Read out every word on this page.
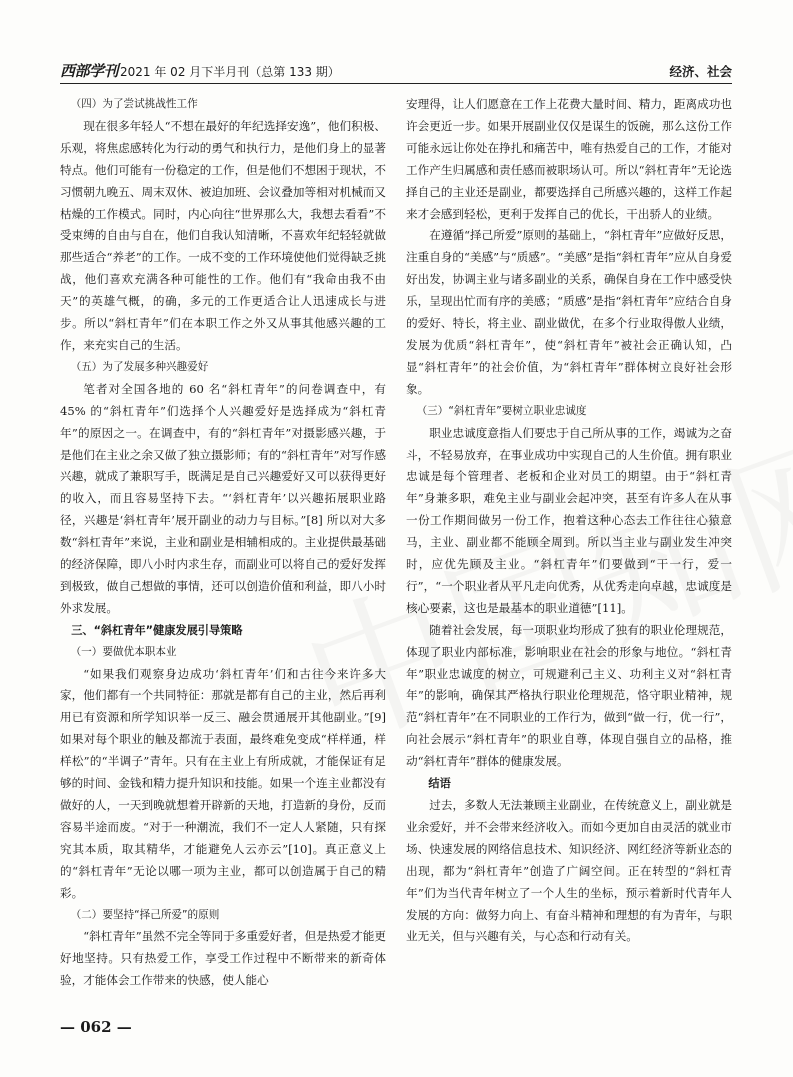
西部学刊 2021 年 02 月下半月刊（总第 133 期）	经济、社会

（四）为了尝试挑战性工作

现在很多年轻人“不想在最好的年纪选择安逸”，他们积极、乐观，将焦虑感转化为行动的勇气和执行力，是他们身上的显著特点。他们可能有一份稳定的工作，但是他们不想困于现状，不习惯朝九晚五、周末双休、被迫加班、会议叠加等相对机械而又枯燥的工作模式。同时，内心向往“世界那么大，我想去看看”不受束缚的自由与自在，他们自我认知清晰，不喜欢年纪轻轻就做那些适合“养老”的工作。一成不变的工作环境使他们觉得缺乏挑战，他们喜欢充满各种可能性的工作。他们有“我命由我不由天”的英雄气概，的确，多元的工作更适合让人迅速成长与进步。所以“斜杠青年”们在本职工作之外又从事其他感兴趣的工作，来充实自己的生活。

（五）为了发展多种兴趣爱好

笔者对全国各地的 60 名“斜杠青年”的问卷调查中，有 45% 的“斜杠青年”们选择个人兴趣爱好是选择成为“斜杠青年”的原因之一。在调查中，有的“斜杠青年”对摄影感兴趣，于是他们在主业之余又做了独立摄影师；有的“斜杠青年”对写作感兴趣，就成了兼职写手，既满足是自己兴趣爱好又可以获得更好的收入，而且容易坚持下去。“‘斜杠青年’以兴趣拓展职业路径，兴趣是‘斜杠青年’展开副业的动力与目标。”[8] 所以对大多数“斜杠青年”来说，主业和副业是相辅相成的。主业提供最基础的经济保障，即八小时内求生存，而副业可以将自己的爱好发挥到极致，做自己想做的事情，还可以创造价值和利益，即八小时外求发展。

三、“斜杠青年”健康发展引导策略

（一）要做优本职本业

“如果我们观察身边成功‘斜杠青年’们和古往今来许多大家，他们都有一个共同特征：那就是都有自己的主业，然后再利用已有资源和所学知识举一反三、融会贯通展开其他副业。”[9] 如果对每个职业的触及都流于表面，最终难免变成“样样通，样样松”的“半调子”青年。只有在主业上有所成就，才能保证有足够的时间、金钱和精力提升知识和技能。如果一个连主业都没有做好的人，一天到晚就想着开辟新的天地，打造新的身份，反而容易半途而废。“对于一种潮流，我们不一定人人紧随，只有探究其本质，取其精华，才能避免人云亦云”[10]。真正意义上的“斜杠青年”无论以哪一项为主业，都可以创造属于自己的精彩。

（二）要坚持“择己所爱”的原则

“斜杠青年”虽然不完全等同于多重爱好者，但是热爱才能更好地坚持。只有热爱工作，享受工作过程中不断带来的新奇体验，才能体会工作带来的快感，使人能心

安理得，让人们愿意在工作上花费大量时间、精力，距离成功也许会更近一步。如果开展副业仅仅是谋生的饭碗，那么这份工作可能永远让你处在挣扎和痛苦中，唯有热爱自己的工作，才能对工作产生归属感和责任感而被职场认可。所以“斜杠青年”无论选择自己的主业还是副业，都要选择自己所感兴趣的，这样工作起来才会感到轻松，更利于发挥自己的优长，干出骄人的业绩。

在遵循“择己所爱”原则的基础上，“斜杠青年”应做好反思，注重自身的“美感”与“质感”。“美感”是指“斜杠青年”应从自身爱好出发，协调主业与诸多副业的关系，确保自身在工作中感受快乐，呈现出忙而有序的美感；“质感”是指“斜杠青年”应结合自身的爱好、特长，将主业、副业做优，在多个行业取得傲人业绩，发展为优质“斜杠青年”，使“斜杠青年”被社会正确认知，凸显“斜杠青年”的社会价值，为“斜杠青年”群体树立良好社会形象。

（三）“斜杠青年”要树立职业忠诚度

职业忠诚度意指人们要忠于自己所从事的工作，竭诚为之奋斗，不轻易放弃，在事业成功中实现自己的人生价值。拥有职业忠诚是每个管理者、老板和企业对员工的期望。由于“斜杠青年”身兼多职，难免主业与副业会起冲突，甚至有许多人在从事一份工作期间做另一份工作，抱着这种心态去工作往往心猿意马，主业、副业都不能顾全周到。所以当主业与副业发生冲突时，应优先顾及主业。“斜杠青年”们要做到“干一行，爱一行”，“一个职业者从平凡走向优秀，从优秀走向卓越，忠诚度是核心要素，这也是最基本的职业道德”[11]。

随着社会发展，每一项职业均形成了独有的职业伦理规范，体现了职业内部标准，影响职业在社会的形象与地位。“斜杠青年”职业忠诚度的树立，可规避利己主义、功利主义对“斜杠青年”的影响，确保其严格执行职业伦理规范，恪守职业精神，规范“斜杠青年”在不同职业的工作行为，做到“做一行，优一行”，向社会展示“斜杠青年”的职业自尊，体现自强自立的品格，推动“斜杠青年”群体的健康发展。

结语

过去，多数人无法兼顾主业副业，在传统意义上，副业就是业余爱好，并不会带来经济收入。而如今更加自由灵活的就业市场、快速发展的网络信息技术、知识经济、网红经济等新业态的出现，都为“斜杠青年”创造了广阔空间。正在转型的“斜杠青年”们为当代青年树立了一个人生的坐标，预示着新时代青年人发展的方向：做努力向上、有奋斗精神和理想的有为青年，与职业无关，但与兴趣有关，与心态和行动有关。

— 062 —
